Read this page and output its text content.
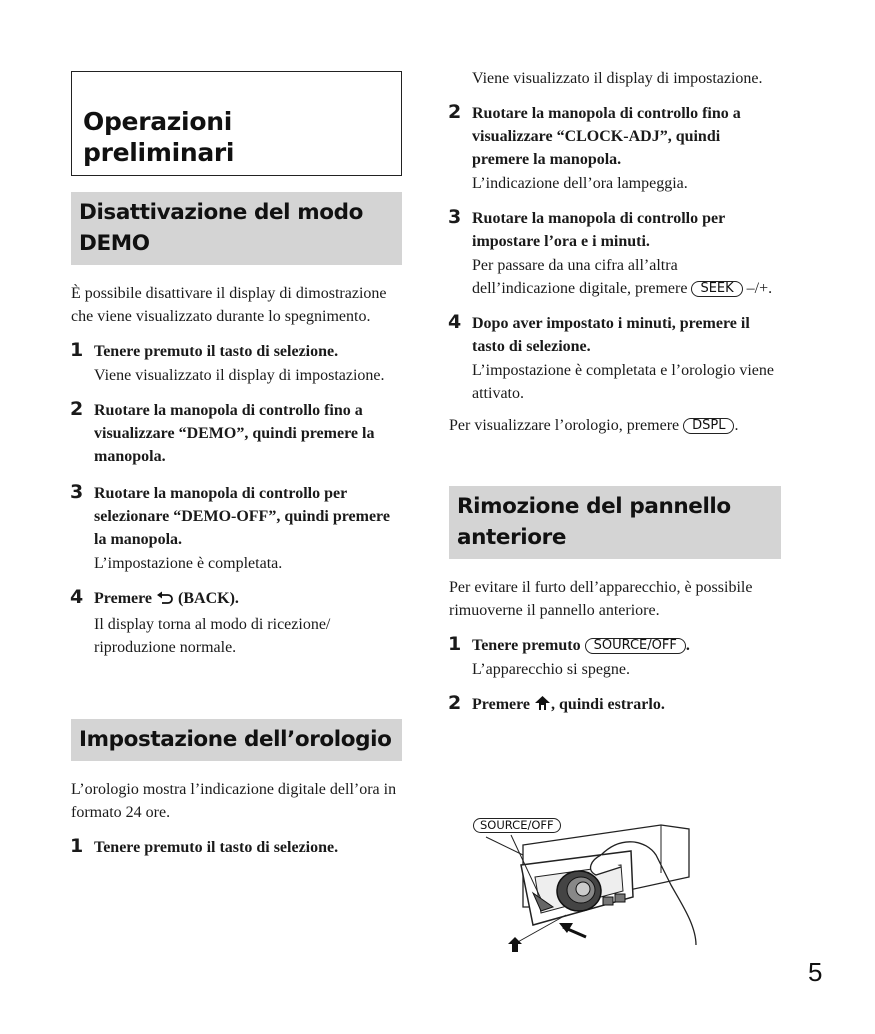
Operazioni
preliminari
Disattivazione del modo DEMO

È possibile disattivare il display di dimostrazione che viene visualizzato durante lo spegnimento.

1 Tenere premuto il tasto di selezione.

Viene visualizzato il display di impostazione.

2 Ruotare la manopola di controllo fino a visualizzare “DEMO”, quindi premere la manopola.

3 Ruotare la manopola di controllo per selezionare “DEMO-OFF”, quindi premere la manopola.

L’impostazione è completata.

4 Premere (BACK).

Il display torna al modo di ricezione/ riproduzione normale.

Impostazione dell’orologio

L’orologio mostra l’indicazione digitale dell’ora in formato 24 ore.

1 Tenere premuto il tasto di selezione.

Viene visualizzato il display di impostazione.

2 Ruotare la manopola di controllo fino a visualizzare “CLOCK-ADJ”, quindi premere la manopola.

L’indicazione dell’ora lampeggia.

3 Ruotare la manopola di controllo per impostare l’ora e i minuti.

Per passare da una cifra all’altra dell’indicazione digitale, premere SEEK –/+.

4 Dopo aver impostato i minuti, premere il tasto di selezione.

L’impostazione è completata e l’orologio viene attivato.

Per visualizzare l’orologio, premere DSPL .

Rimozione del pannello anteriore

Per evitare il furto dell’apparecchio, è possibile rimuoverne il pannello anteriore.

1 Tenere premuto SOURCE/OFF .

L’apparecchio si spegne.

2 Premere , quindi estrarlo.

SOURCE/OFF
5
